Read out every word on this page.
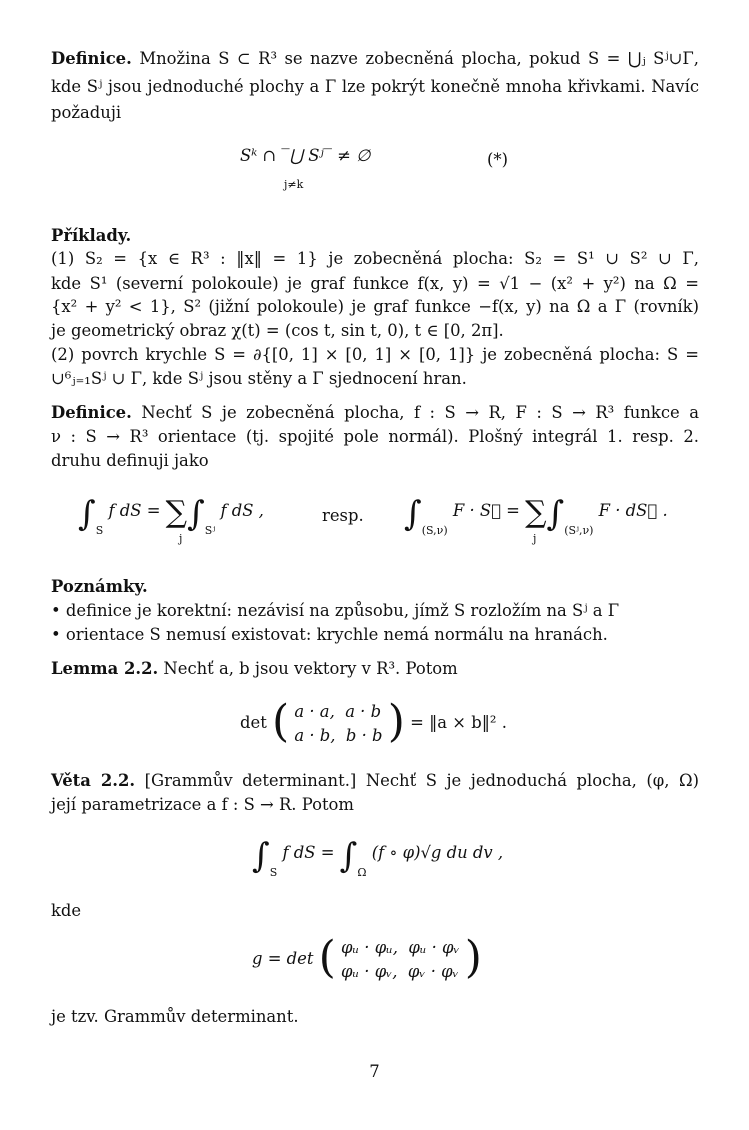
Definice. Množina S ⊂ R³ se nazve zobecněná plocha, pokud S = ⋃ⱼ Sʲ∪Γ,
kde Sʲ jsou jednoduché plochy a Γ lze pokrýt konečně mnoha křivkami. Navíc
požaduji
Sᵏ ∩ ‾⋃ Sʲ‾ ≠ ∅
j≠k
(*)
Příklady.
(1) S₂ = {x ∈ R³ : ‖x‖ = 1} je zobecněná plocha: S₂ = S¹ ∪ S² ∪ Γ,
kde S¹ (severní polokoule) je graf funkce f(x, y) = √1 − (x² + y²) na Ω =
{x² + y² < 1}, S² (jižní polokoule) je graf funkce −f(x, y) na Ω a Γ (rovník)
je geometrický obraz χ(t) = (cos t, sin t, 0), t ∈ [0, 2π].
(2) povrch krychle S = ∂{[0, 1] × [0, 1] × [0, 1]} je zobecněná plocha: S =
∪⁶ⱼ₌₁Sʲ ∪ Γ, kde Sʲ jsou stěny a Γ sjednocení hran.
Definice. Nechť S je zobecněná plocha, f : S → R, F : S → R³ funkce a
ν : S → R³ orientace (tj. spojité pole normál). Plošný integrál 1. resp. 2.
druhu definuji jako
$\int_S$ f dS = $\sum\int_{Sʲ}$ f dS ,
j
resp. $\int_{(S,\nu)}$ F · S⃗ = $\sum\int_{(Sʲ,\nu)}$ F · dS⃗ .
j
Poznámky.
• definice je korektní: nezávisí na způsobu, jímž S rozložím na Sʲ a Γ
• orientace S nemusí existovat: krychle nemá normálu na hranách.
Lemma 2.2. Nechť a, b jsou vektory v R³. Potom
det ( a · a, a · b
a · b, b · b ) = ‖a × b‖² .
Věta 2.2. [Grammův determinant.] Nechť S je jednoduchá plocha, (φ, Ω)
její parametrizace a f : S → R. Potom
$\int_S$ f dS = $\int_\Omega$ (f ∘ φ)√g du dv ,
kde
g = det ( φᵤ · φᵤ, φᵤ · φᵥ
φᵤ · φᵥ, φᵥ · φᵥ )
je tzv. Grammův determinant.
7
